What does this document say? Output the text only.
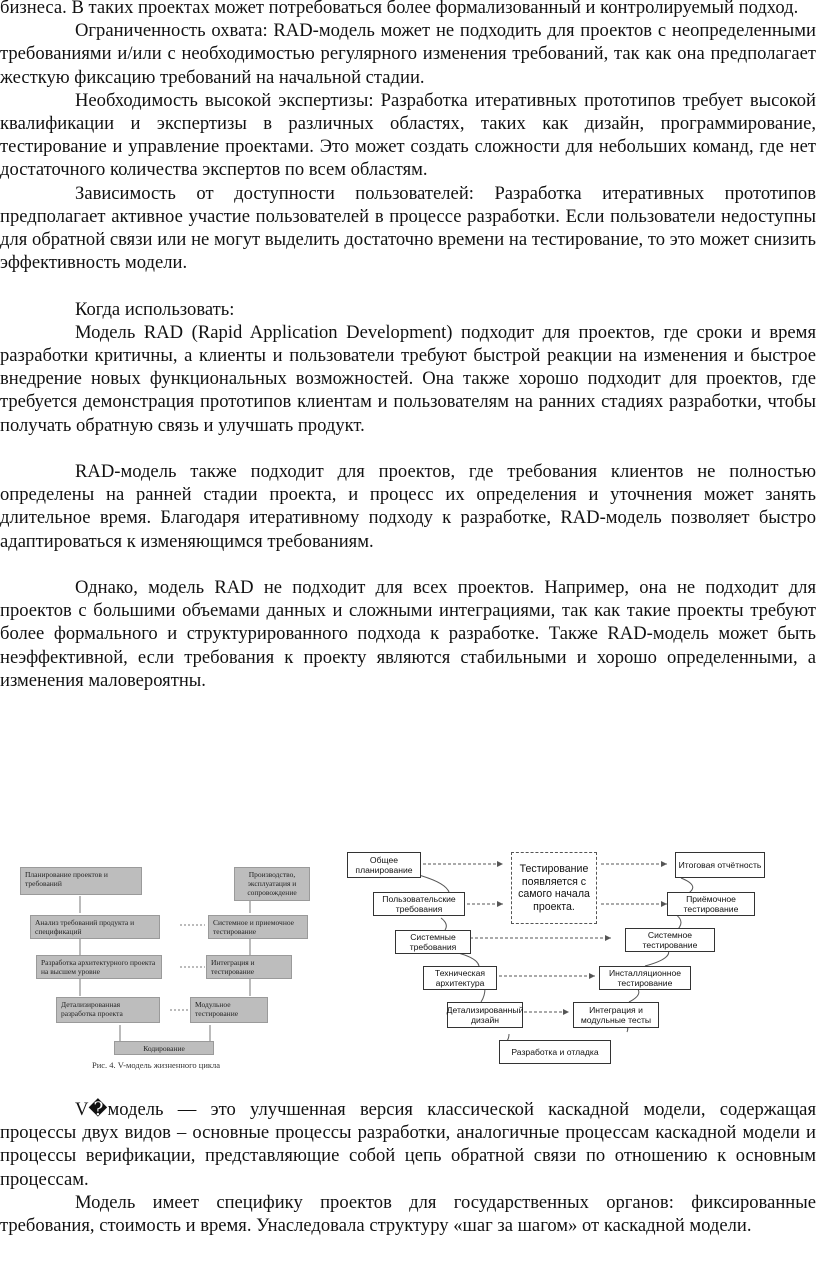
бизнеса. В таких проектах может потребоваться более формализованный и контролируемый подход.

Ограниченность охвата: RAD-модель может не подходить для проектов с неопределенными требованиями и/или с необходимостью регулярного изменения требований, так как она предполагает жесткую фиксацию требований на начальной стадии.

Необходимость высокой экспертизы: Разработка итеративных прототипов требует высокой квалификации и экспертизы в различных областях, таких как дизайн, программирование, тестирование и управление проектами. Это может создать сложности для небольших команд, где нет достаточного количества экспертов по всем областям.

Зависимость от доступности пользователей: Разработка итеративных прототипов предполагает активное участие пользователей в процессе разработки. Если пользователи недоступны для обратной связи или не могут выделить достаточно времени на тестирование, то это может снизить эффективность модели.

Когда использовать:

Модель RAD (Rapid Application Development) подходит для проектов, где сроки и время разработки критичны, а клиенты и пользователи требуют быстрой реакции на изменения и быстрое внедрение новых функциональных возможностей. Она также хорошо подходит для проектов, где требуется демонстрация прототипов клиентам и пользователям на ранних стадиях разработки, чтобы получать обратную связь и улучшать продукт.

RAD-модель также подходит для проектов, где требования клиентов не полностью определены на ранней стадии проекта, и процесс их определения и уточнения может занять длительное время. Благодаря итеративному подходу к разработке, RAD-модель позволяет быстро адаптироваться к изменяющимся требованиям.

Однако, модель RAD не подходит для всех проектов. Например, она не подходит для проектов с большими объемами данных и сложными интеграциями, так как такие проекты требуют более формального и структурированного подхода к разработке. Также RAD-модель может быть неэффективной, если требования к проекту являются стабильными и хорошо определенными, а изменения маловероятны.

Планирование проектов и требований
Производство, эксплуатация и сопровождение
Анализ требований продукта и спецификаций
Системное и приемочное тестирование
Разработка архитектурного проекта на высшем уровне
Интеграция и тестирование
Детализированная разработка проекта
Модульное тестирование
Кодирование
Рис. 4. V-модель жизненного цикла
Тестирование появляется с самого начала проекта.
Общее планирование	Итоговая отчётность
Пользовательские требования
Приёмочное тестирование
Системные требования
Системное тестирование
Техническая архитектура
Инсталляционное тестирование
Детализированный дизайн
Интеграция и модульные тесты
Разработка и отладка

V�модель — это улучшенная версия классической каскадной модели, содержащая процессы двух видов – основные процессы разработки, аналогичные процессам каскадной модели и процессы верификации, представляющие собой цепь обратной связи по отношению к основным процессам.

Модель имеет специфику проектов для государственных органов: фиксированные требования, стоимость и время. Унаследовала структуру «шаг за шагом» от каскадной модели.
